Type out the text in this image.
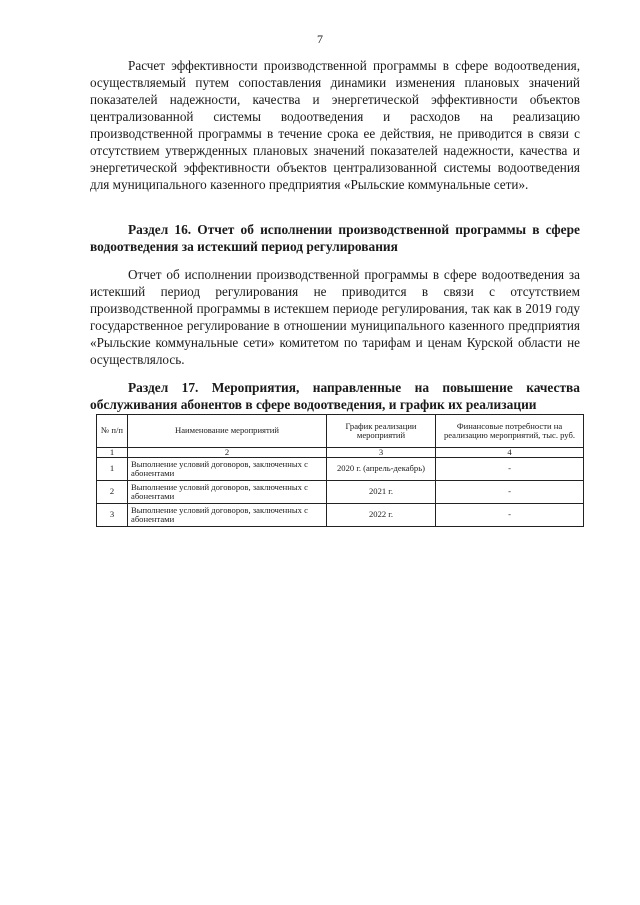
7

Расчет эффективности производственной программы в сфере водоотведения, осуществляемый путем сопоставления динамики изменения плановых значений показателей надежности, качества и энергетической эффективности объектов централизованной системы водоотведения и расходов на реализацию производственной программы в течение срока ее действия, не приводится в связи с отсутствием утвержденных плановых значений показателей надежности, качества и энергетической эффективности объектов централизованной системы водоотведения для муниципального казенного предприятия «Рыльские коммунальные сети».

Раздел 16. Отчет об исполнении производственной программы в сфере водоотведения за истекший период регулирования

Отчет об исполнении производственной программы в сфере водоотведения за истекший период регулирования не приводится в связи с отсутствием производственной программы в истекшем периоде регулирования, так как в 2019 году государственное регулирование в отношении муниципального казенного предприятия «Рыльские коммунальные сети» комитетом по тарифам и ценам Курской области не осуществлялось.

Раздел 17. Мероприятия, направленные на повышение качества обслуживания абонентов в сфере водоотведения, и график их реализации

№ п/п	Наименование мероприятий	График реализации мероприятий	Финансовые потребности на реализацию мероприятий, тыс. руб.
1	2	3	4
1	Выполнение условий договоров, заключенных с абонентами	2020 г. (апрель-декабрь)	-
2	Выполнение условий договоров, заключенных с абонентами	2021 г.	-
3	Выполнение условий договоров, заключенных с абонентами	2022 г.	-
